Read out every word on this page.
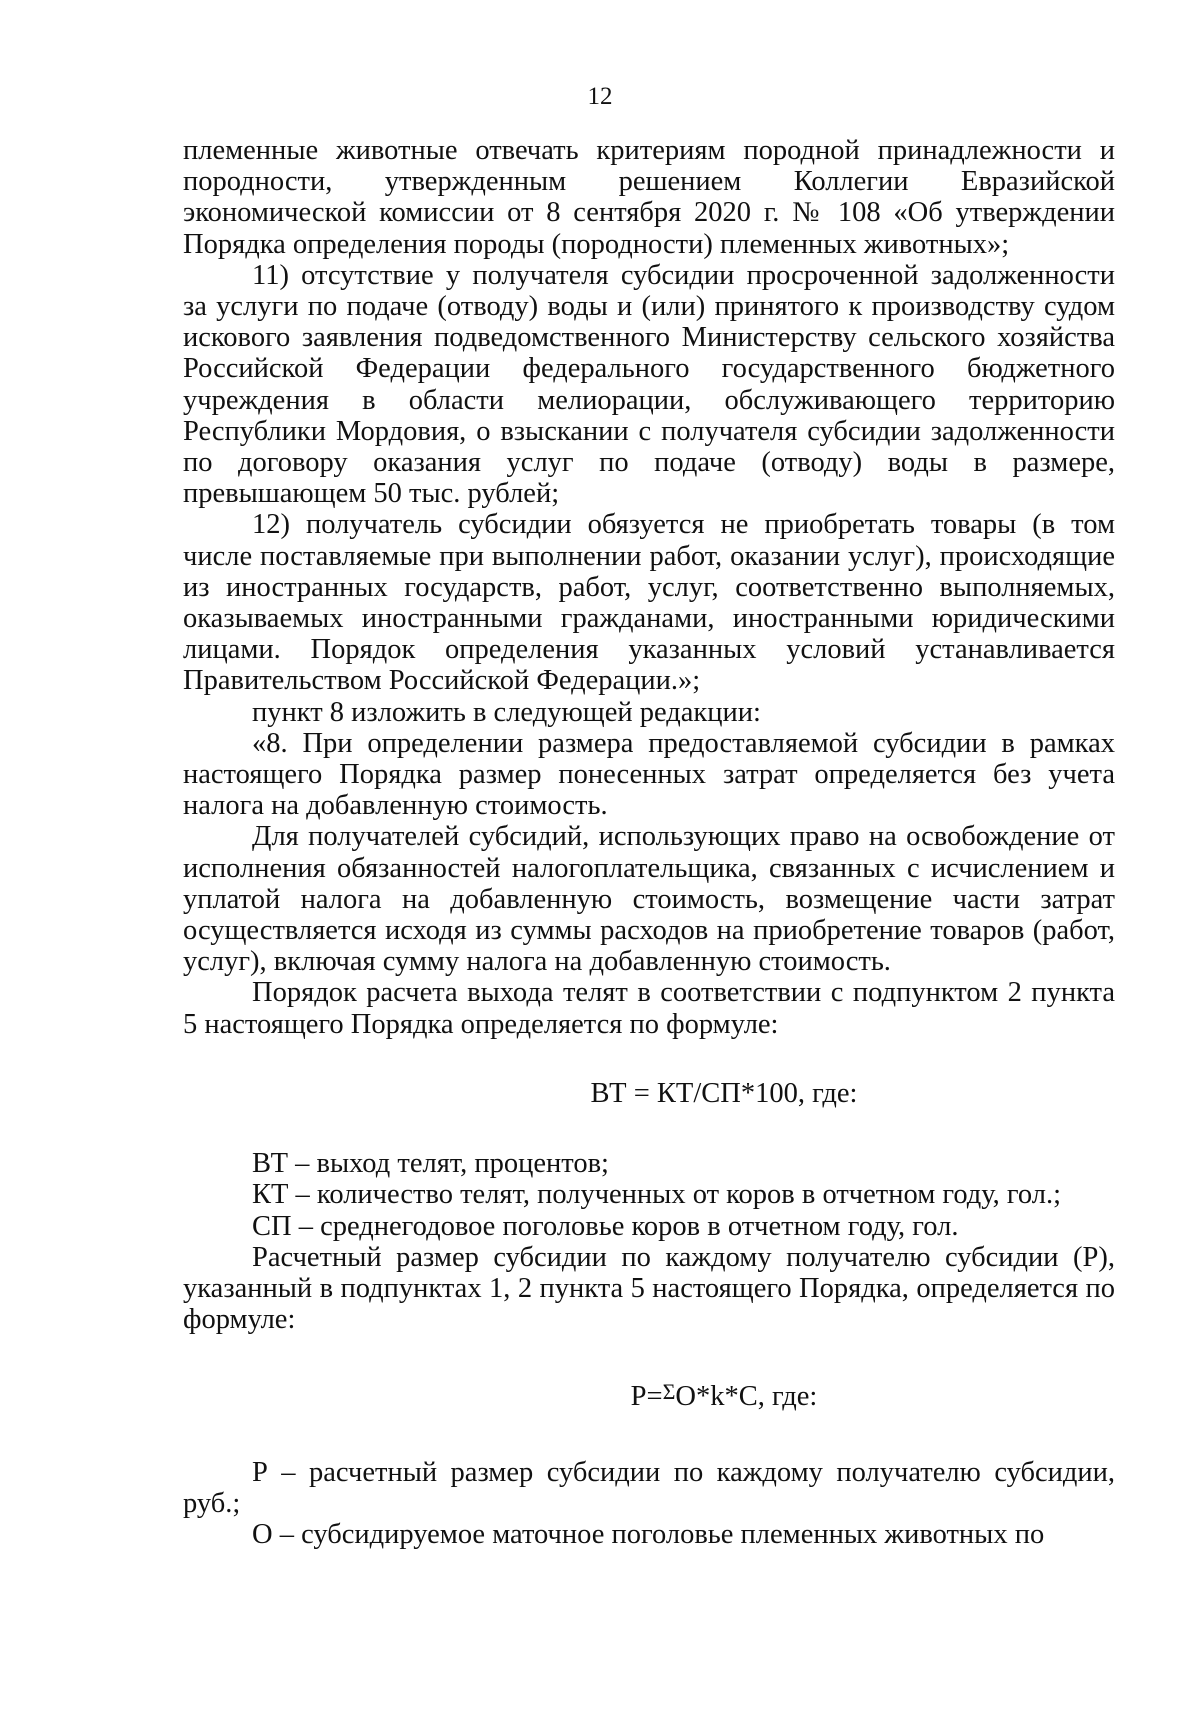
12

племенные животные отвечать критериям породной принадлежности и породности, утвержденным решением Коллегии Евразийской экономической комиссии от 8 сентября 2020 г. № 108 «Об утверждении Порядка определения породы (породности) племенных животных»;

11) отсутствие у получателя субсидии просроченной задолженности за услуги по подаче (отводу) воды и (или) принятого к производству судом искового заявления подведомственного Министерству сельского хозяйства Российской Федерации федерального государственного бюджетного учреждения в области мелиорации, обслуживающего территорию Республики Мордовия, о взыскании с получателя субсидии задолженности по договору оказания услуг по подаче (отводу) воды в размере, превышающем 50 тыс. рублей;

12) получатель субсидии обязуется не приобретать товары (в том числе поставляемые при выполнении работ, оказании услуг), происходящие из иностранных государств, работ, услуг, соответственно выполняемых, оказываемых иностранными гражданами, иностранными юридическими лицами. Порядок определения указанных условий устанавливается Правительством Российской Федерации.»;

пункт 8 изложить в следующей редакции:

«8. При определении размера предоставляемой субсидии в рамках настоящего Порядка размер понесенных затрат определяется без учета налога на добавленную стоимость.

Для получателей субсидий, использующих право на освобождение от исполнения обязанностей налогоплательщика, связанных с исчислением и уплатой налога на добавленную стоимость, возмещение части затрат осуществляется исходя из суммы расходов на приобретение товаров (работ, услуг), включая сумму налога на добавленную стоимость.

Порядок расчета выхода телят в соответствии с подпунктом 2 пункта 5 настоящего Порядка определяется по формуле:

ВТ = КТ/СП*100, где:

ВТ – выход телят, процентов;

КТ – количество телят, полученных от коров в отчетном году, гол.;

СП – среднегодовое поголовье коров в отчетном году, гол.

Расчетный размер субсидии по каждому получателю субсидии (Р), указанный в подпунктах 1, 2 пункта 5 настоящего Порядка, определяется по формуле:

Р=$^\Sigma$О*k*С, где:

Р – расчетный размер субсидии по каждому получателю субсидии, руб.;

О – субсидируемое маточное поголовье племенных животных по
